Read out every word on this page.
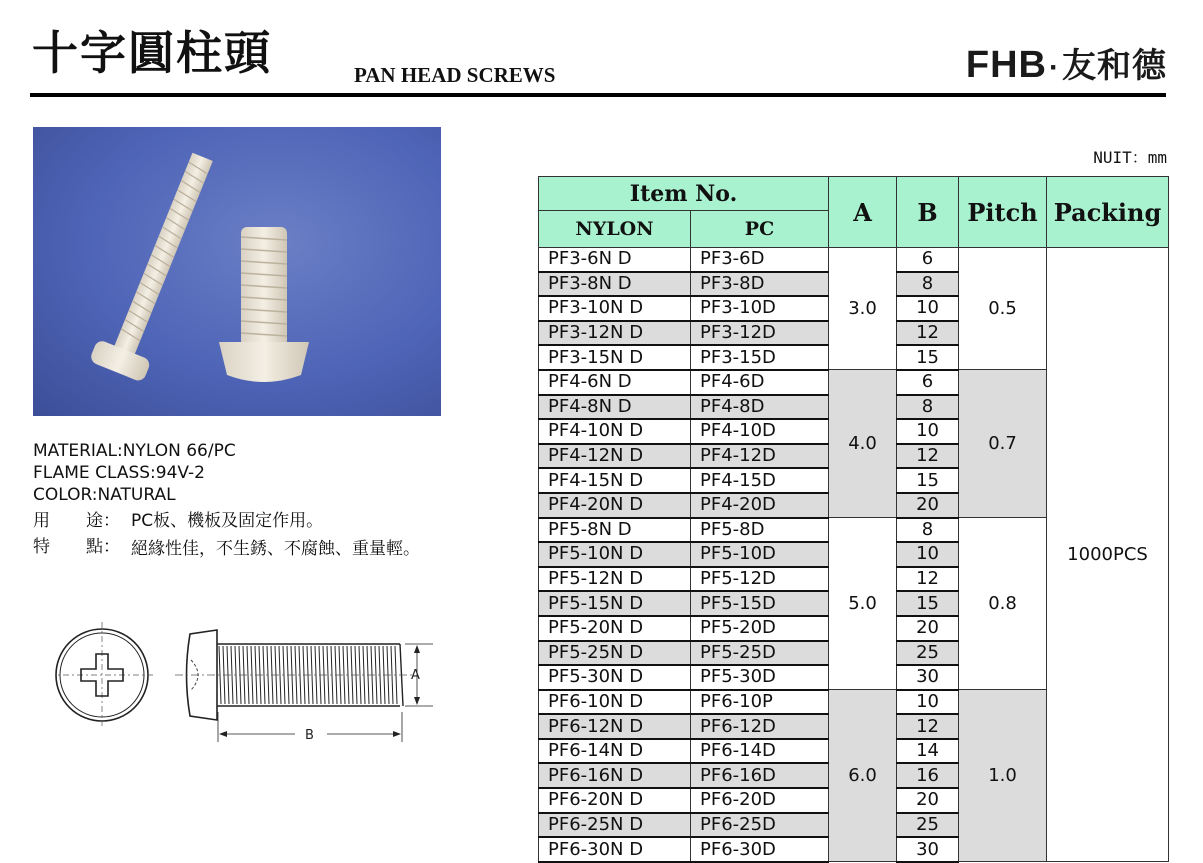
十字圓柱頭	PAN HEAD SCREWS	FHB·友和德
MATERIAL:NYLON 66/PC
FLAME CLASS:94V-2
COLOR:NATURAL
用 途 ： PC板、機板及固定作用。
特 點 ： 絕緣性佳，不生銹、不腐蝕、重量輕。
A
B
NUIT：mm
Item No.		A	B	Pitch	Packing
NYLON	PC				
PF3-6N D	PF3-6D	3.0	6	0.5	1000PCS
PF3-8N D	PF3-8D		8		
PF3-10N D	PF3-10D		10		
PF3-12N D	PF3-12D		12		
PF3-15N D	PF3-15D		15		
PF4-6N D	PF4-6D	4.0	6	0.7	
PF4-8N D	PF4-8D		8		
PF4-10N D	PF4-10D		10		
PF4-12N D	PF4-12D		12		
PF4-15N D	PF4-15D		15		
PF4-20N D	PF4-20D		20		
PF5-8N D	PF5-8D	5.0	8	0.8	
PF5-10N D	PF5-10D		10		
PF5-12N D	PF5-12D		12		
PF5-15N D	PF5-15D		15		
PF5-20N D	PF5-20D		20		
PF5-25N D	PF5-25D		25		
PF5-30N D	PF5-30D		30		
PF6-10N D	PF6-10P	6.0	10	1.0	
PF6-12N D	PF6-12D		12		
PF6-14N D	PF6-14D		14		
PF6-16N D	PF6-16D		16		
PF6-20N D	PF6-20D		20		
PF6-25N D	PF6-25D		25		
PF6-30N D	PF6-30D		30		
